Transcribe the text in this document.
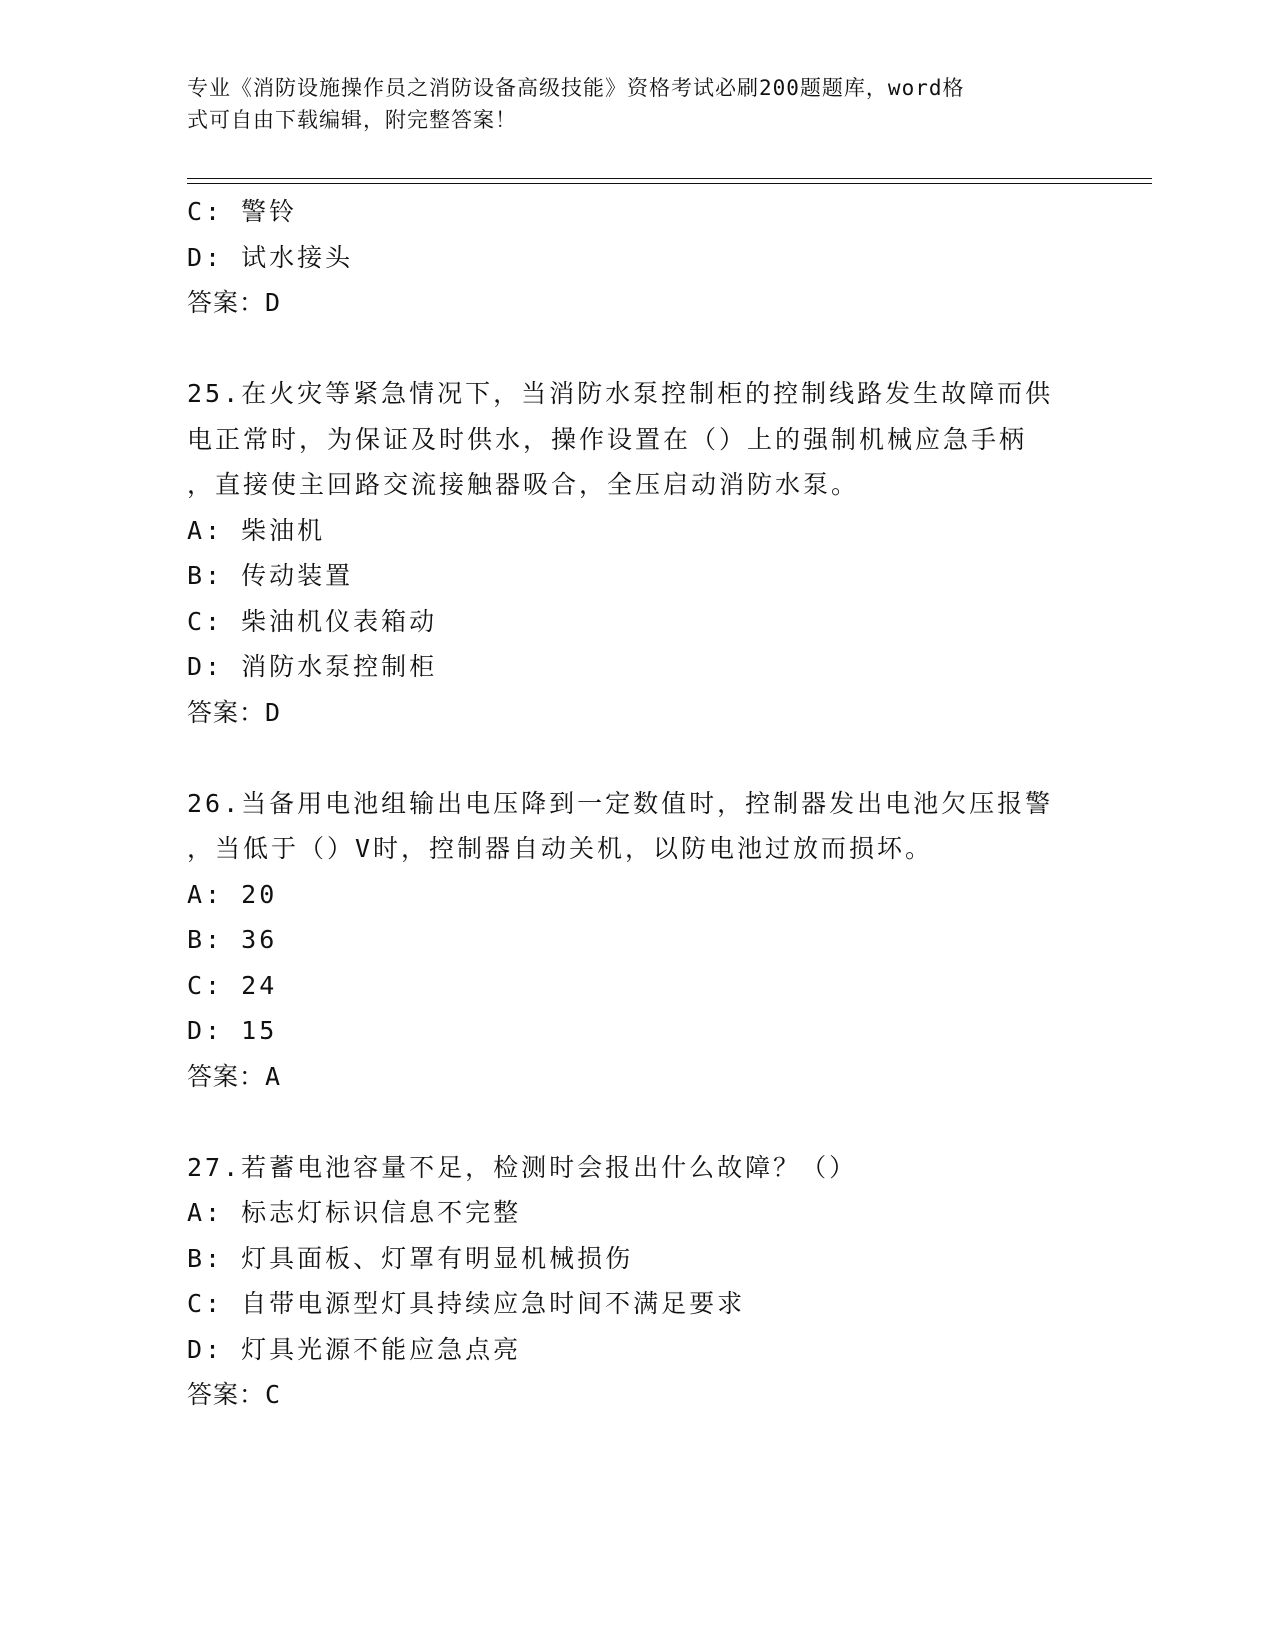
专业《消防设施操作员之消防设备高级技能》资格考试必刷200题题库，word格
式可自由下载编辑，附完整答案！
C: 警铃
D: 试水接头
答案：D
25.在火灾等紧急情况下，当消防水泵控制柜的控制线路发生故障而供
电正常时，为保证及时供水，操作设置在（）上的强制机械应急手柄
，直接使主回路交流接触器吸合，全压启动消防水泵。
A: 柴油机
B: 传动装置
C: 柴油机仪表箱动
D: 消防水泵控制柜
答案：D
26.当备用电池组输出电压降到一定数值时，控制器发出电池欠压报警
，当低于（）V时，控制器自动关机，以防电池过放而损坏。
A: 20
B: 36
C: 24
D: 15
答案：A
27.若蓄电池容量不足，检测时会报出什么故障？（）
A: 标志灯标识信息不完整
B: 灯具面板、灯罩有明显机械损伤
C: 自带电源型灯具持续应急时间不满足要求
D: 灯具光源不能应急点亮
答案：C
